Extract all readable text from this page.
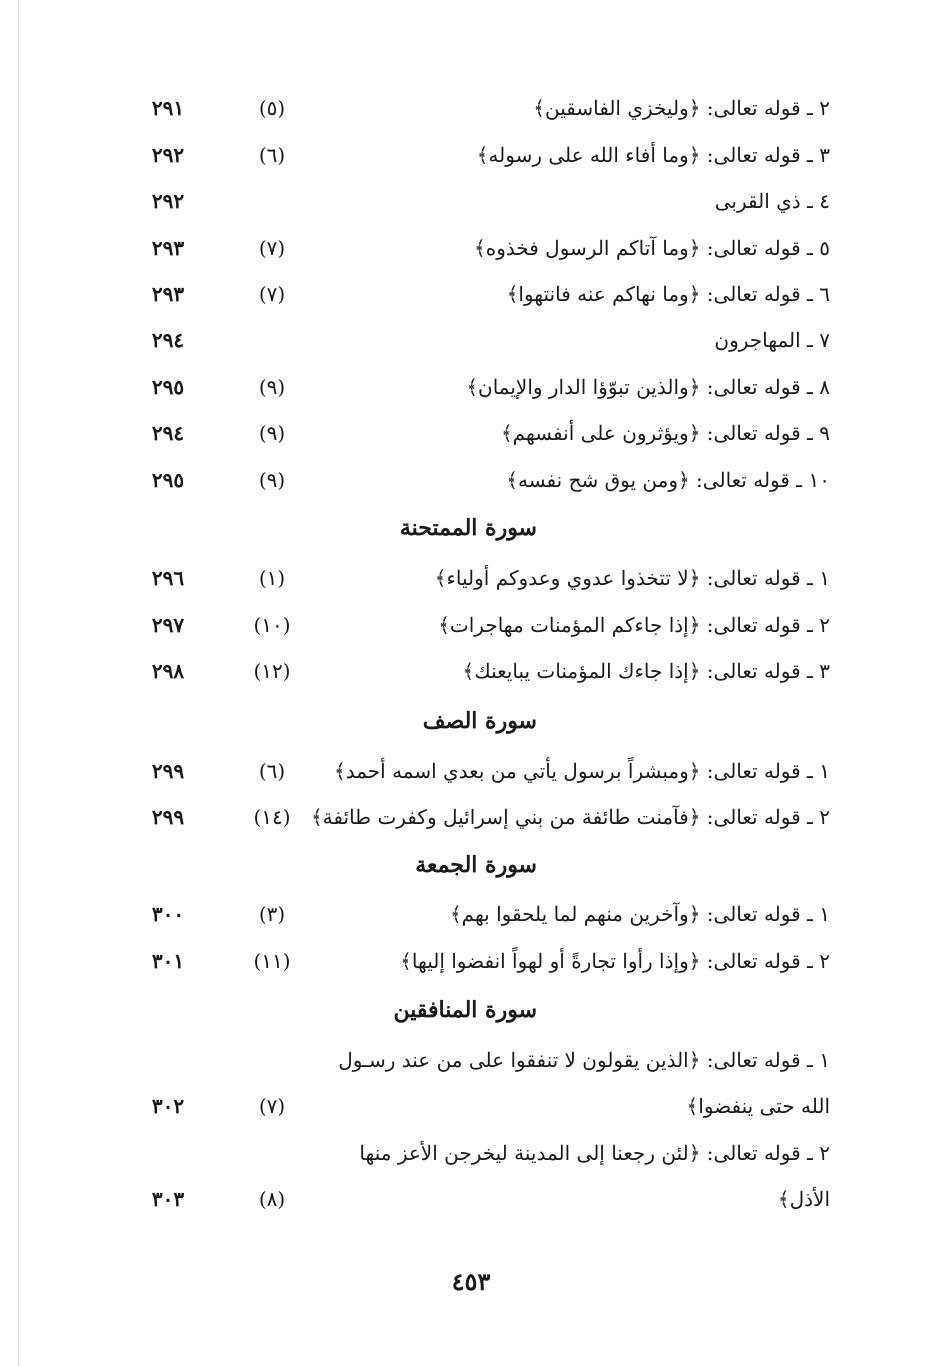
٢ ـ قوله تعالى: ﴿وليخزي الفاسقين﴾
(٥)
٢٩١
٣ ـ قوله تعالى: ﴿وما أفاء الله على رسوله﴾
(٦)
٢٩٢
٤ ـ ذي القربى
٢٩٢
٥ ـ قوله تعالى: ﴿وما آتاكم الرسول فخذوه﴾
(٧)
٢٩٣
٦ ـ قوله تعالى: ﴿وما نهاكم عنه فانتهوا﴾
(٧)
٢٩٣
٧ ـ المهاجرون
٢٩٤
٨ ـ قوله تعالى: ﴿والذين تبوّؤا الدار والإيمان﴾
(٩)
٢٩٥
٩ ـ قوله تعالى: ﴿ويؤثرون على أنفسهم﴾
(٩)
٢٩٤
١٠ ـ قوله تعالى: ﴿ومن يوق شح نفسه﴾
(٩)
٢٩٥
سورة الممتحنة
١ ـ قوله تعالى: ﴿لا تتخذوا عدوي وعدوكم أولياء﴾
(١)
٢٩٦
٢ ـ قوله تعالى: ﴿إذا جاءكم المؤمنات مهاجرات﴾
(١٠)
٢٩٧
٣ ـ قوله تعالى: ﴿إذا جاءك المؤمنات يبايعنك﴾
(١٢)
٢٩٨
سورة الصف
١ ـ قوله تعالى: ﴿ومبشراً برسول يأتي من بعدي اسمه أحمد﴾
(٦)
٢٩٩
٢ ـ قوله تعالى: ﴿فآمنت طائفة من بني إسرائيل وكفرت طائفة﴾
(١٤)
٢٩٩
سورة الجمعة
١ ـ قوله تعالى: ﴿وآخرين منهم لما يلحقوا بهم﴾
(٣)
٣٠٠
٢ ـ قوله تعالى: ﴿وإذا رأوا تجارةً أو لهواً انفضوا إليها﴾
(١١)
٣٠١
سورة المنافقين
١ ـ قوله تعالى: ﴿الذين يقولون لا تنفقوا على من عند رسـول
الله حتى ينفضوا﴾
(٧)
٣٠٢
٢ ـ قوله تعالى: ﴿لئن رجعنا إلى المدينة ليخرجن الأعز منها
الأذل﴾
(٨)
٣٠٣
٤٥٣
